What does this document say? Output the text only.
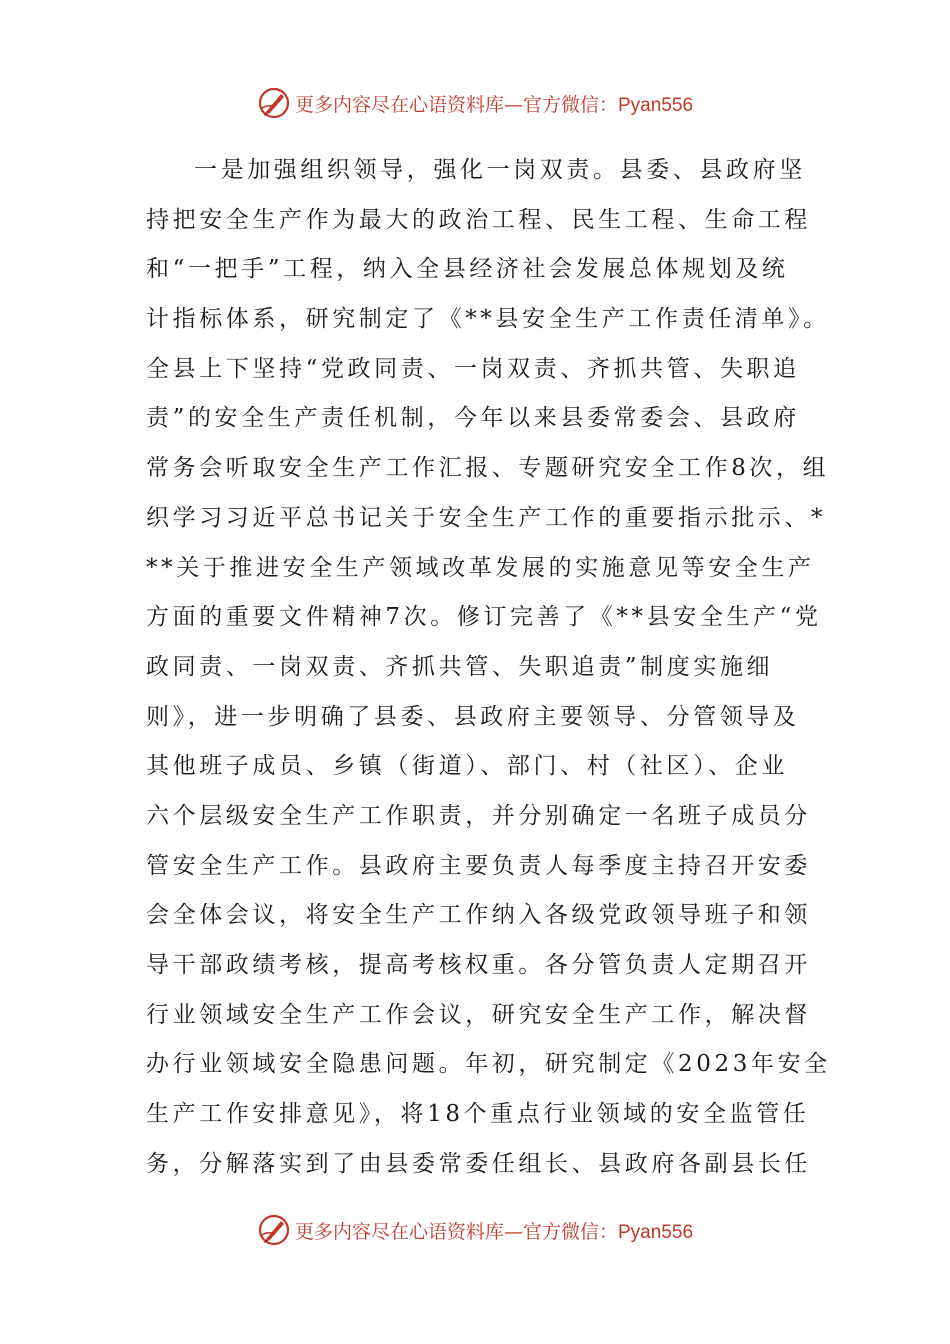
更多内容尽在心语资料库—官方微信：Pyan556
一是加强组织领导，强化一岗双责。县委、县政府坚
持把安全生产作为最大的政治工程、民生工程、生命工程
和“一把手”工程，纳入全县经济社会发展总体规划及统
计指标体系，研究制定了《**县安全生产工作责任清单》。
全县上下坚持“党政同责、一岗双责、齐抓共管、失职追
责”的安全生产责任机制，今年以来县委常委会、县政府
常务会听取安全生产工作汇报、专题研究安全工作8次，组
织学习习近平总书记关于安全生产工作的重要指示批示、*
**关于推进安全生产领域改革发展的实施意见等安全生产
方面的重要文件精神7次。修订完善了《**县安全生产“党
政同责、一岗双责、齐抓共管、失职追责”制度实施细
则》，进一步明确了县委、县政府主要领导、分管领导及
其他班子成员、乡镇（街道）、部门、村（社区）、企业
六个层级安全生产工作职责，并分别确定一名班子成员分
管安全生产工作。县政府主要负责人每季度主持召开安委
会全体会议，将安全生产工作纳入各级党政领导班子和领
导干部政绩考核，提高考核权重。各分管负责人定期召开
行业领域安全生产工作会议，研究安全生产工作，解决督
办行业领域安全隐患问题。年初，研究制定《2023年安全
生产工作安排意见》，将18个重点行业领域的安全监管任
务，分解落实到了由县委常委任组长、县政府各副县长任
更多内容尽在心语资料库—官方微信：Pyan556
